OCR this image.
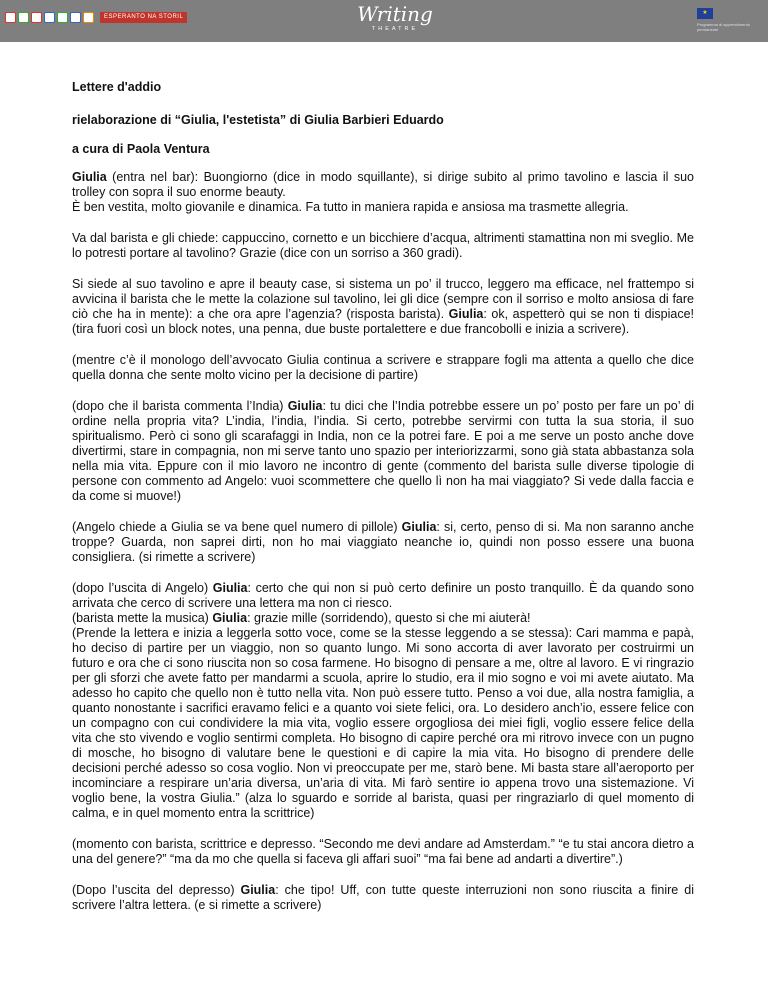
ESPERANTO NA STORIL	Writing
THEATRE
★
Programma di apprendimento permanente

Lettere d'addio

rielaborazione di “Giulia, l'estetista” di Giulia Barbieri Eduardo

a cura di Paola Ventura

Giulia (entra nel bar): Buongiorno (dice in modo squillante), si dirige subito al primo tavolino e lascia il suo trolley con sopra il suo enorme beauty.
È ben vestita, molto giovanile e dinamica. Fa tutto in maniera rapida e ansiosa ma trasmette allegria.

Va dal barista e gli chiede: cappuccino, cornetto e un bicchiere d’acqua, altrimenti stamattina non mi sveglio. Me lo potresti portare al tavolino? Grazie (dice con un sorriso a 360 gradi).

Si siede al suo tavolino e apre il beauty case, si sistema un po’ il trucco, leggero ma efficace, nel frattempo si avvicina il barista che le mette la colazione sul tavolino, lei gli dice (sempre con il sorriso e molto ansiosa di fare ciò che ha in mente): a che ora apre l’agenzia? (risposta barista). Giulia: ok, aspetterò qui se non ti dispiace! (tira fuori così un block notes, una penna, due buste portalettere e due francobolli e inizia a scrivere).

(mentre c’è il monologo dell’avvocato Giulia continua a scrivere e strappare fogli ma attenta a quello che dice quella donna che sente molto vicino per la decisione di partire)

(dopo che il barista commenta l’India) Giulia: tu dici che l’India potrebbe essere un po’ posto per fare un po’ di ordine nella propria vita? L’india, l’india, l’india. Si certo, potrebbe servirmi con tutta la sua storia, il suo spiritualismo. Però ci sono gli scarafaggi in India, non ce la potrei fare. E poi a me serve un posto anche dove divertirmi, stare in compagnia, non mi serve tanto uno spazio per interiorizzarmi, sono già stata abbastanza sola nella mia vita. Eppure con il mio lavoro ne incontro di gente (commento del barista sulle diverse tipologie di persone con commento ad Angelo: vuoi scommettere che quello lì non ha mai viaggiato? Si vede dalla faccia e da come si muove!)

(Angelo chiede a Giulia se va bene quel numero di pillole) Giulia: si, certo, penso di si. Ma non saranno anche troppe? Guarda, non saprei dirti, non ho mai viaggiato neanche io, quindi non posso essere una buona consigliera. (si rimette a scrivere)

(dopo l’uscita di Angelo) Giulia: certo che qui non si può certo definire un posto tranquillo. È da quando sono arrivata che cerco di scrivere una lettera ma non ci riesco.
(barista mette la musica) Giulia: grazie mille (sorridendo), questo si che mi aiuterà!
(Prende la lettera e inizia a leggerla sotto voce, come se la stesse leggendo a se stessa): Cari mamma e papà, ho deciso di partire per un viaggio, non so quanto lungo. Mi sono accorta di aver lavorato per costruirmi un futuro e ora che ci sono riuscita non so cosa farmene. Ho bisogno di pensare a me, oltre al lavoro. E vi ringrazio per gli sforzi che avete fatto per mandarmi a scuola, aprire lo studio, era il mio sogno e voi mi avete aiutato. Ma adesso ho capito che quello non è tutto nella vita. Non può essere tutto. Penso a voi due, alla nostra famiglia, a quanto nonostante i sacrifici eravamo felici e a quanto voi siete felici, ora. Lo desidero anch’io, essere felice con un compagno con cui condividere la mia vita, voglio essere orgogliosa dei miei figli, voglio essere felice della vita che sto vivendo e voglio sentirmi completa. Ho bisogno di capire perché ora mi ritrovo invece con un pugno di mosche, ho bisogno di valutare bene le questioni e di capire la mia vita. Ho bisogno di prendere delle decisioni perché adesso so cosa voglio. Non vi preoccupate per me, starò bene. Mi basta stare all’aeroporto per incominciare a respirare un’aria diversa, un’aria di vita. Mi farò sentire io appena trovo una sistemazione. Vi voglio bene, la vostra Giulia.” (alza lo sguardo e sorride al barista, quasi per ringraziarlo di quel momento di calma, e in quel momento entra la scrittrice)

(momento con barista, scrittrice e depresso. “Secondo me devi andare ad Amsterdam.” “e tu stai ancora dietro a una del genere?” “ma da mo che quella si faceva gli affari suoi” “ma fai bene ad andarti a divertire”.)

(Dopo l’uscita del depresso) Giulia: che tipo! Uff, con tutte queste interruzioni non sono riuscita a finire di scrivere l’altra lettera. (e si rimette a scrivere)
